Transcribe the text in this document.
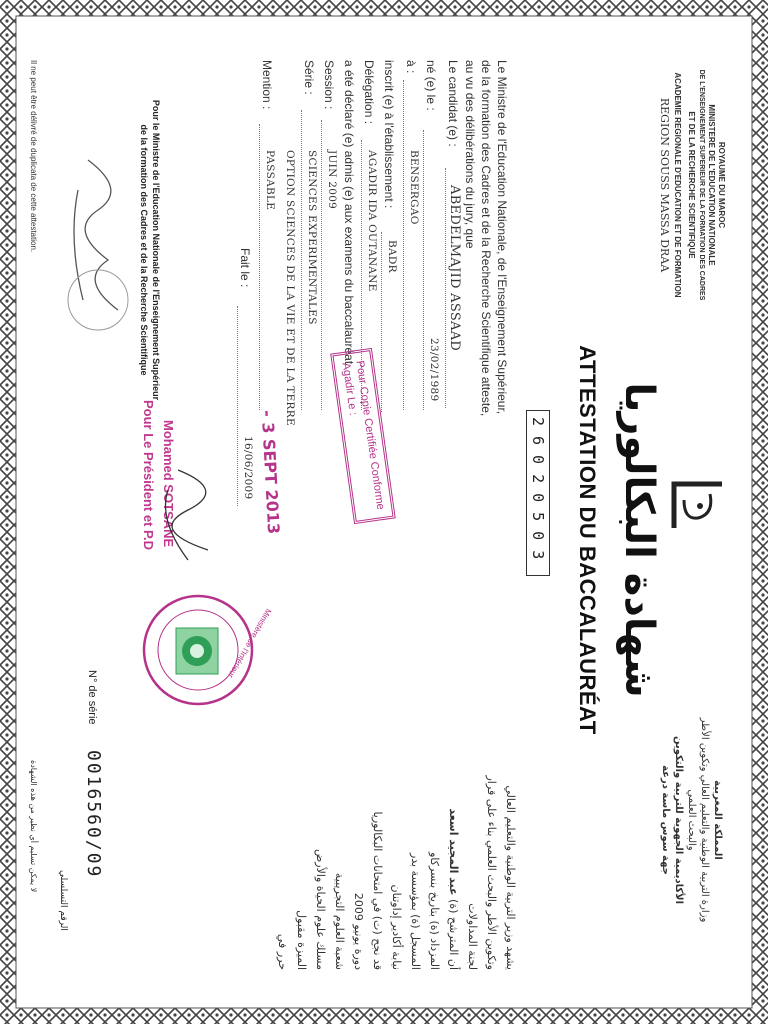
ROYAUME DU MAROC
MINISTERE DE L'EDUCATION NATIONALE
DE L'ENSEIGNEMENT SUPERIEUR DE LA FORMATION DES CADRES
ET DE LA RECHERCHE SCIENTIFIQUE
ACADEMIE REGIONALE D'EDUCATION ET DE FORMATION
REGION SOUSS MASSA DRAA
المملكة المغربية
وزارة التربية الوطنية والتعليم العالي وتكوين الأطر
والبحث العلمي
الأكاديمية الجهوية للتربية والتكوين
جهة سوس ماسة درعة
شهادة البكالوريا
ATTESTATION DU BACCALAURÉAT
26020503
Le Ministre de l'Education Nationale, de l'Enseignement Supérieur,
de la formation des Cadres et de la Recherche Scientifique atteste,
au vu des délibérations du jury, que
Le candidat (e) :
ABEDELMAJID ASSAAD
né (e) le :
23/02/1989
à :
BENSERGAO
inscrit (e) à l'établissement :
BADR
Délégation :
AGADIR IDA OUTANANE
a été déclaré (e) admis (e) aux examens du baccalauréat
Session :
JUIN 2009
Série :
SCIENCES EXPERIMENTALES
OPTION SCIENCES DE LA VIE ET DE LA TERRE
Mention :
PASSABLE
Fait le :
16/06/2009
Pour le Ministre de l'Education Nationale de l'Enseignement Supérieur
de la formation des Cadres et de la Recherche Scientifique
Il ne peut être délivré de duplicata de cette attestation.
Pour Copie Certifiée Conforme
Agadir Le :
- 3 SEPT 2013
Mohamed SOTSANE
Pour Le Président et P.D
Ministère de l'Intérieur
يشهد وزير التربية الوطنية والتعليم العالي
وتكوين الأطر والبحث العلمي بناء على قرار
لجنة المداولات
أن المترشح (ة) عبد المجيد اسعد
المزداد (ة) بتاريخ بنسركاو
المسجل (ة) بمؤسسة بدر
نيابة أكادير إداوتنان
قد نجح (ت) في امتحانات البكالوريا
دورة يونيو 2009
شعبة العلوم التجريبية
مسلك علوم الحياة والأرض
الميزة مقبول
حرر في
N° de série
0016560/09
الرقم التسلسلي
لا يمكن تسليم أي نظير من هذه الشهادة
